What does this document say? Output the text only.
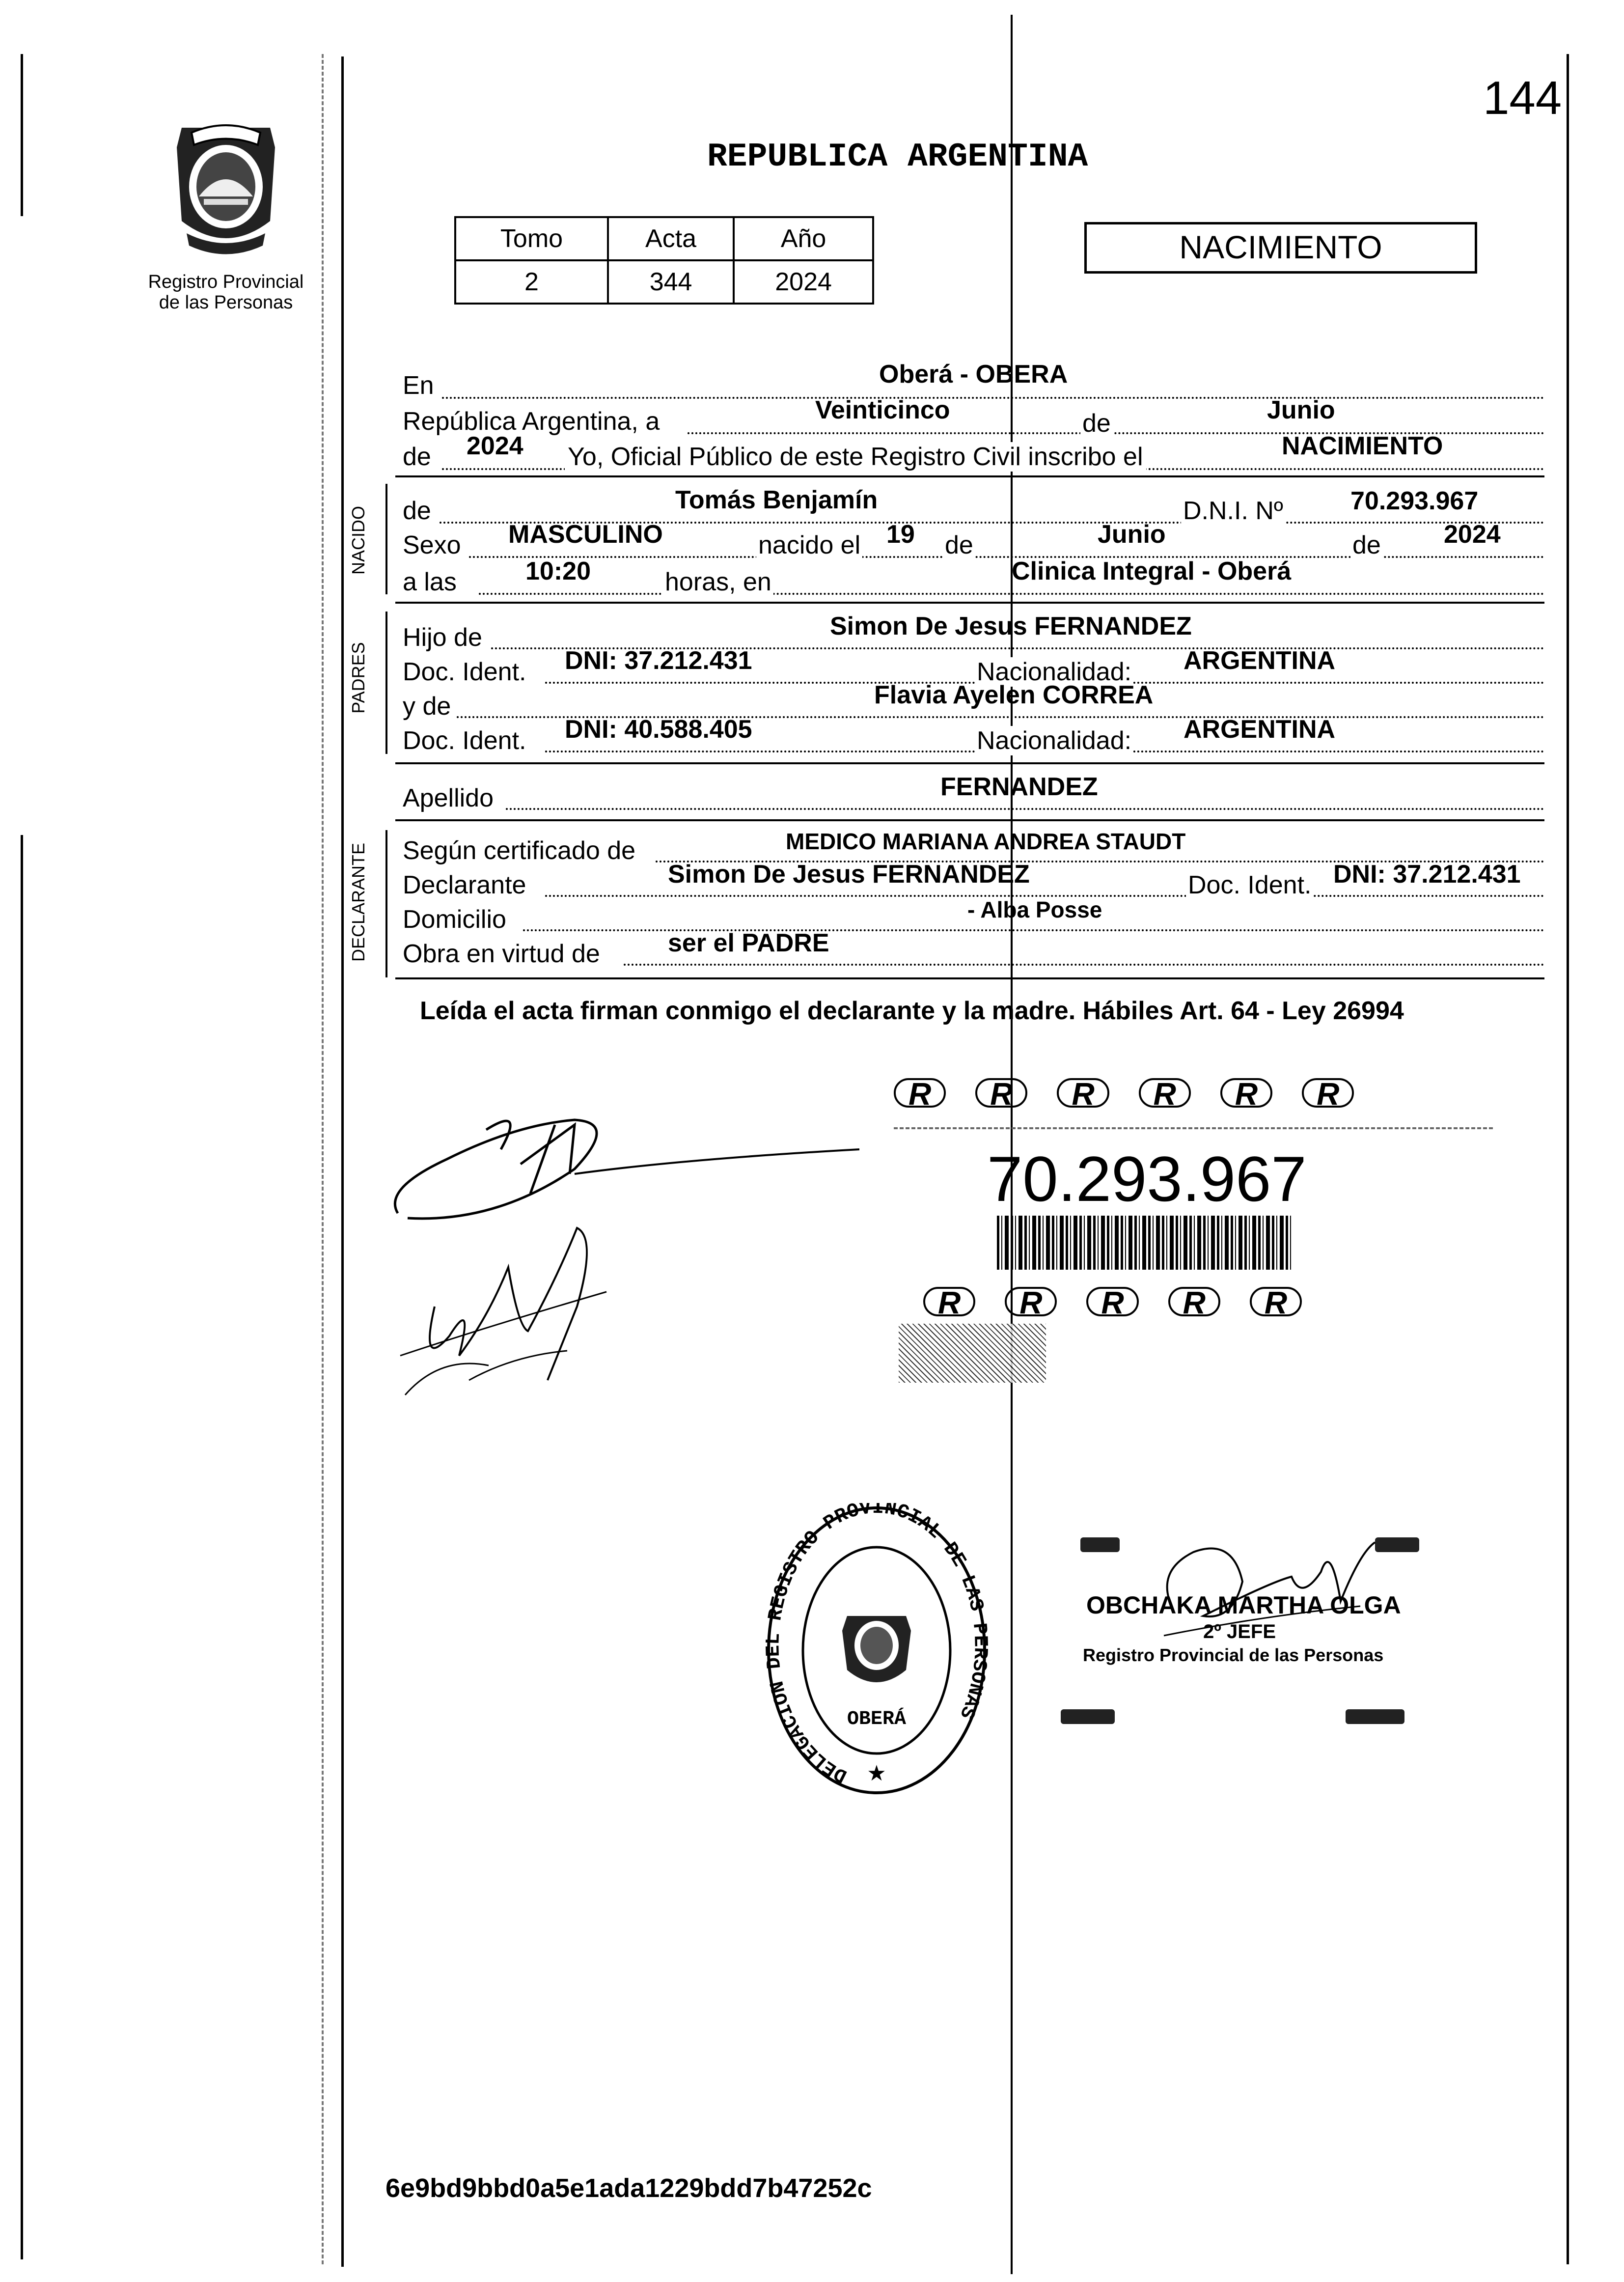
144
Registro Provincial
de las Personas
REPUBLICA ARGENTINA
Tomo	Acta	Año
2	344	2024
NACIMIENTO
En	Oberá - OBERA
República Argentina, a	Veinticinco	de	Junio
de 2024 Yo, Oficial Público de este Registro Civil inscribo el	NACIMIENTO
NACIDO de	Tomás Benjamín	D.N.I. Nº	70.293.967
Sexo MASCULINO	nacido el 19 de	Junio	de 2024
a las	10:20	horas, en	Clinica Integral - Oberá
PADRES
Hijo de	Simon De Jesus FERNANDEZ
Doc. Ident. DNI: 37.212.431	Nacionalidad: ARGENTINA
y de	Flavia Ayelen CORREA
Doc. Ident. DNI: 40.588.405	Nacionalidad: ARGENTINA
Apellido	FERNANDEZ
DECLARANTE Según certificado de	MEDICO MARIANA ANDREA STAUDT
Declarante	Simon De Jesus FERNANDEZ	Doc. Ident. DNI: 37.212.431
Domicilio	- Alba Posse
Obra en virtud de	ser el PADRE
Leída el acta firman conmigo el declarante y la madre. Hábiles Art. 64 - Ley 26994
R	R	R	R	R	R
70.293.967
R	R	R	R	R
DELEGACION DEL REGISTRO PROVINCIAL DE LAS PERSONAS
OBERÁ
★
OBCHAKA MARTHA OLGA
2º JEFE
Registro Provincial de las Personas
6e9bd9bbd0a5e1ada1229bdd7b47252c
